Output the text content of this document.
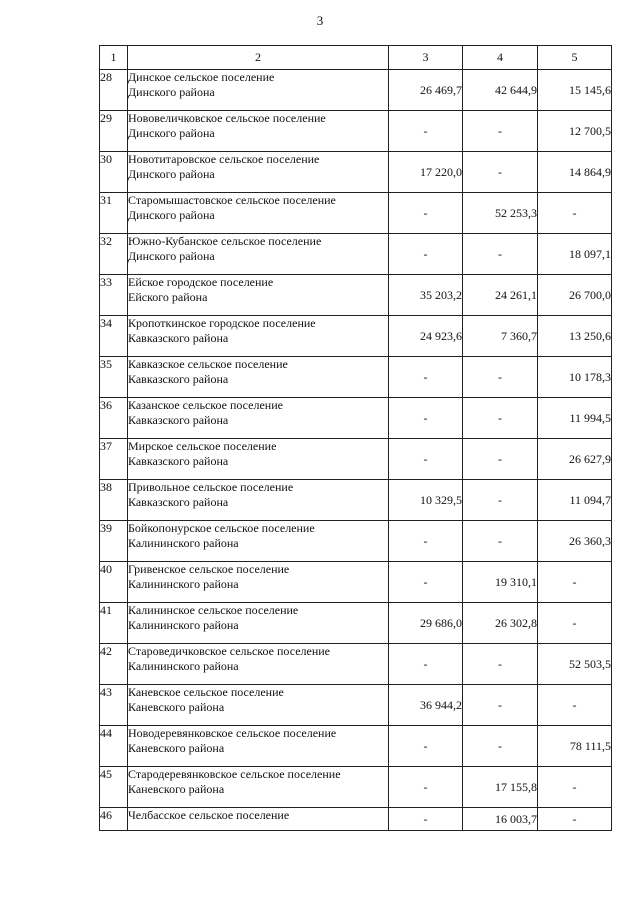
3
1	2	3	4	5
28	Динское сельское поселение
Динского района	26 469,7	42 644,9	15 145,6
29	Нововеличковское сельское поселение
Динского района	-	-	12 700,5
30	Новотитаровское сельское поселение
Динского района	17 220,0	-	14 864,9
31	Старомышастовское сельское поселение
Динского района	-	52 253,3	-
32	Южно-Кубанское сельское поселение
Динского района	-	-	18 097,1
33	Ейское городское поселение
Ейского района	35 203,2	24 261,1	26 700,0
34	Кропоткинское городское поселение
Кавказского района	24 923,6	7 360,7	13 250,6
35	Кавказское сельское поселение
Кавказского района	-	-	10 178,3
36	Казанское сельское поселение
Кавказского района	-	-	11 994,5
37	Мирское сельское поселение
Кавказского района	-	-	26 627,9
38	Привольное сельское поселение
Кавказского района	10 329,5	-	11 094,7
39	Бойкопонурское сельское поселение
Калининского района	-	-	26 360,3
40	Гривенское сельское поселение
Калининского района	-	19 310,1	-
41	Калининское сельское поселение
Калининского района	29 686,0	26 302,8	-
42	Староведичковское сельское поселение
Калининского района	-	-	52 503,5
43	Каневское сельское поселение
Каневского района	36 944,2	-	-
44	Новодеревянковское сельское поселение
Каневского района	-	-	78 111,5
45	Стародеревянковское сельское поселение
Каневского района	-	17 155,8	-
46	Челбасское сельское поселение	-	16 003,7	-
